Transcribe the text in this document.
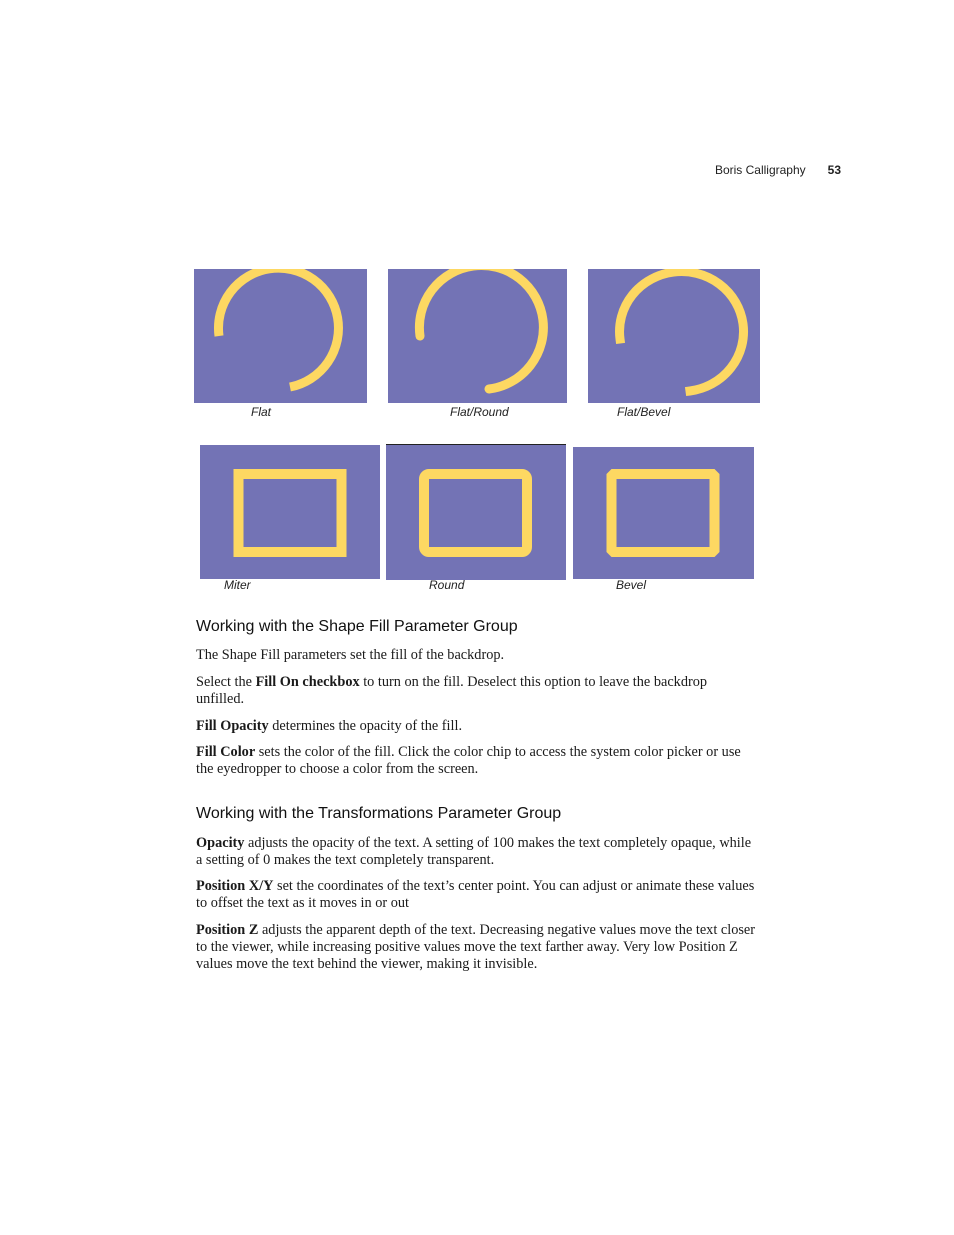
Boris Calligraphy 53
Flat	Flat/Round	Flat/Bevel
Miter	Round	Bevel
Working with the Shape Fill Parameter Group

The Shape Fill parameters set the fill of the backdrop.

Select the Fill On checkbox to turn on the fill. Deselect this option to leave the backdrop unfilled.

Fill Opacity determines the opacity of the fill.

Fill Color sets the color of the fill. Click the color chip to access the system color picker or use the eyedropper to choose a color from the screen.

Working with the Transformations Parameter Group

Opacity adjusts the opacity of the text. A setting of 100 makes the text completely opaque, while a setting of 0 makes the text completely transparent.

Position X/Y set the coordinates of the text’s center point. You can adjust or animate these values to offset the text as it moves in or out

Position Z adjusts the apparent depth of the text. Decreasing negative values move the text closer to the viewer, while increasing positive values move the text farther away. Very low Position Z values move the text behind the viewer, making it invisible.
